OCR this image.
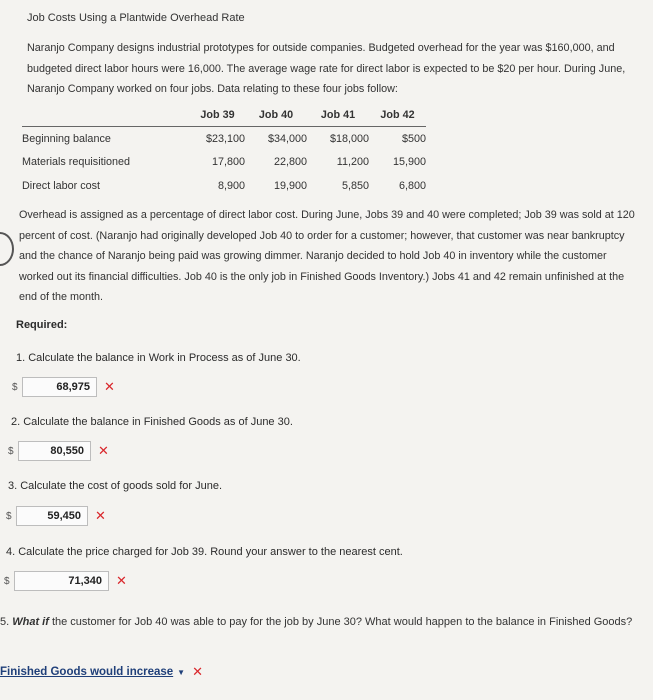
Job Costs Using a Plantwide Overhead Rate
Naranjo Company designs industrial prototypes for outside companies. Budgeted overhead for the year was $160,000, and budgeted direct labor hours were 16,000. The average wage rate for direct labor is expected to be $20 per hour. During June, Naranjo Company worked on four jobs. Data relating to these four jobs follow:
	Job 39	Job 40	Job 41	Job 42
Beginning balance	$23,100	$34,000	$18,000	$500
Materials requisitioned	17,800	22,800	11,200	15,900
Direct labor cost	8,900	19,900	5,850	6,800
Overhead is assigned as a percentage of direct labor cost. During June, Jobs 39 and 40 were completed; Job 39 was sold at 120 percent of cost. (Naranjo had originally developed Job 40 to order for a customer; however, that customer was near bankruptcy and the chance of Naranjo being paid was growing dimmer. Naranjo decided to hold Job 40 in inventory while the customer worked out its financial difficulties. Job 40 is the only job in Finished Goods Inventory.) Jobs 41 and 42 remain unfinished at the end of the month.
Required:
1. Calculate the balance in Work in Process as of June 30.
$	68,975	✕
2. Calculate the balance in Finished Goods as of June 30.
$	80,550	✕
3. Calculate the cost of goods sold for June.
$	59,450	✕
4. Calculate the price charged for Job 39. Round your answer to the nearest cent.
$	71,340	✕
5. What if the customer for Job 40 was able to pay for the job by June 30? What would happen to the balance in Finished Goods?
Finished Goods would increase ▼ ✕
